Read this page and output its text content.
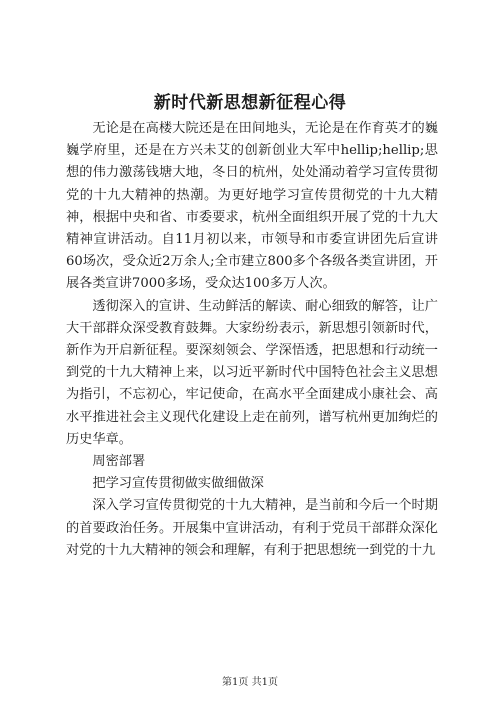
新时代新思想新征程心得

无论是在高楼大院还是在田间地头，无论是在作育英才的巍巍学府里，还是在方兴未艾的创新创业大军中hellip;hellip;思想的伟力激荡钱塘大地，冬日的杭州，处处涌动着学习宣传贯彻党的十九大精神的热潮。为更好地学习宣传贯彻党的十九大精神，根据中央和省、市委要求，杭州全面组织开展了党的十九大精神宣讲活动。自11月初以来，市领导和市委宣讲团先后宣讲60场次，受众近2万余人;全市建立800多个各级各类宣讲团，开展各类宣讲7000多场，受众达100多万人次。

透彻深入的宣讲、生动鲜活的解读、耐心细致的解答，让广大干部群众深受教育鼓舞。大家纷纷表示，新思想引领新时代，新作为开启新征程。要深刻领会、学深悟透，把思想和行动统一到党的十九大精神上来，以习近平新时代中国特色社会主义思想为指引，不忘初心，牢记使命，在高水平全面建成小康社会、高水平推进社会主义现代化建设上走在前列，谱写杭州更加绚烂的历史华章。

周密部署

把学习宣传贯彻做实做细做深

深入学习宣传贯彻党的十九大精神，是当前和今后一个时期的首要政治任务。开展集中宣讲活动，有利于党员干部群众深化对党的十九大精神的领会和理解，有利于把思想统一到党的十九

第1页 共1页
